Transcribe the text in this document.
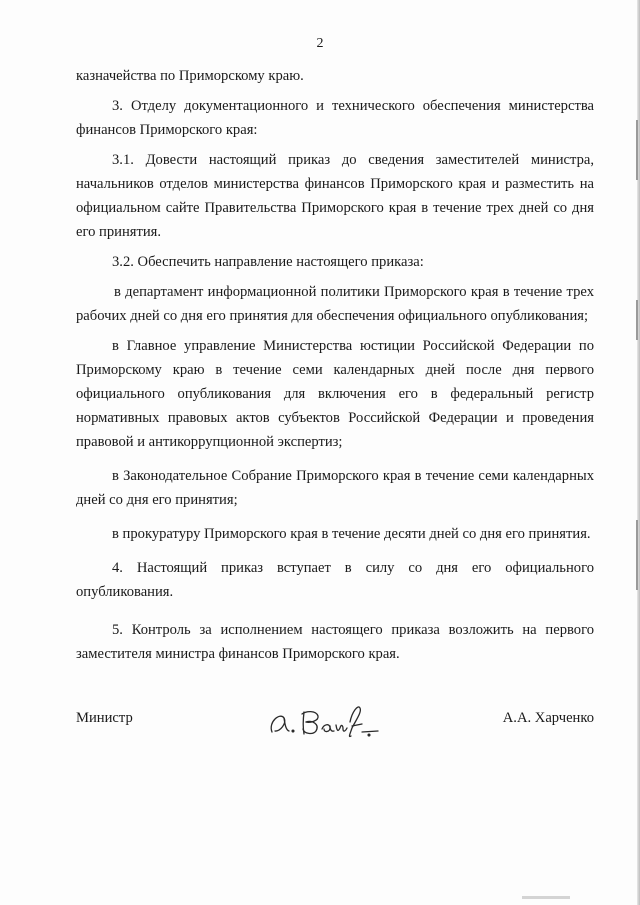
2

казначейства по Приморскому краю.

3. Отделу документационного и технического обеспечения министерства финансов Приморского края:

3.1. Довести настоящий приказ до сведения заместителей министра, начальников отделов министерства финансов Приморского края и разместить на официальном сайте Правительства Приморского края в течение трех дней со дня его принятия.

3.2. Обеспечить направление настоящего приказа:

в департамент информационной политики Приморского края в течение трех рабочих дней со дня его принятия для обеспечения официального опубликования;

в Главное управление Министерства юстиции Российской Федерации по Приморскому краю в течение семи календарных дней после дня первого официального опубликования для включения его в федеральный регистр нормативных правовых актов субъектов Российской Федерации и проведения правовой и антикоррупционной экспертиз;

в Законодательное Собрание Приморского края в течение семи календарных дней со дня его принятия;

в прокуратуру Приморского края в течение десяти дней со дня его принятия.

4. Настоящий приказ вступает в силу со дня его официального опубликования.

5. Контроль за исполнением настоящего приказа возложить на первого заместителя министра финансов Приморского края.

Министр	А.А. Харченко
